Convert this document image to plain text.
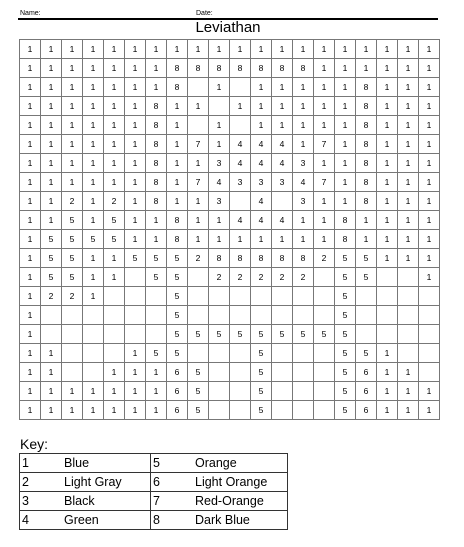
Name:	Date:
Leviathan
1	1	1	1	1	1	1	1	1	1	1	1	1	1	1	1	1	1	1	1
1	1	1	1	1	1	1	8	8	8	8	8	8	8	1	1	1	1	1	1
1	1	1	1	1	1	1	8		1		1	1	1	1	1	8	1	1	1
1	1	1	1	1	1	8	1	1		1	1	1	1	1	1	8	1	1	1
1	1	1	1	1	1	8	1		1		1	1	1	1	1	8	1	1	1
1	1	1	1	1	1	8	1	7	1	4	4	4	1	7	1	8	1	1	1
1	1	1	1	1	1	8	1	1	3	4	4	4	3	1	1	8	1	1	1
1	1	1	1	1	1	8	1	7	4	3	3	3	4	7	1	8	1	1	1
1	1	2	1	2	1	8	1	1	3		4		3	1	1	8	1	1	1
1	1	5	1	5	1	1	8	1	1	4	4	4	1	1	8	1	1	1	1
1	5	5	5	5	1	1	8	1	1	1	1	1	1	1	8	1	1	1	1
1	5	5	1	1	5	5	5	2	8	8	8	8	8	2	5	5	1	1	1
1	5	5	1	1		5	5		2	2	2	2	2		5	5			1
1	2	2	1				5								5				
1							5								5				
1							5	5	5	5	5	5	5	5	5				
1	1				1	5	5				5				5	5	1		
1	1			1	1	1	6	5			5				5	6	1	1	
1	1	1	1	1	1	1	6	5			5				5	6	1	1	1
1	1	1	1	1	1	1	6	5			5				5	6	1	1	1
Key:
1	Blue	5	Orange
2	Light Gray	6	Light Orange
3	Black	7	Red-Orange
4	Green	8	Dark Blue
